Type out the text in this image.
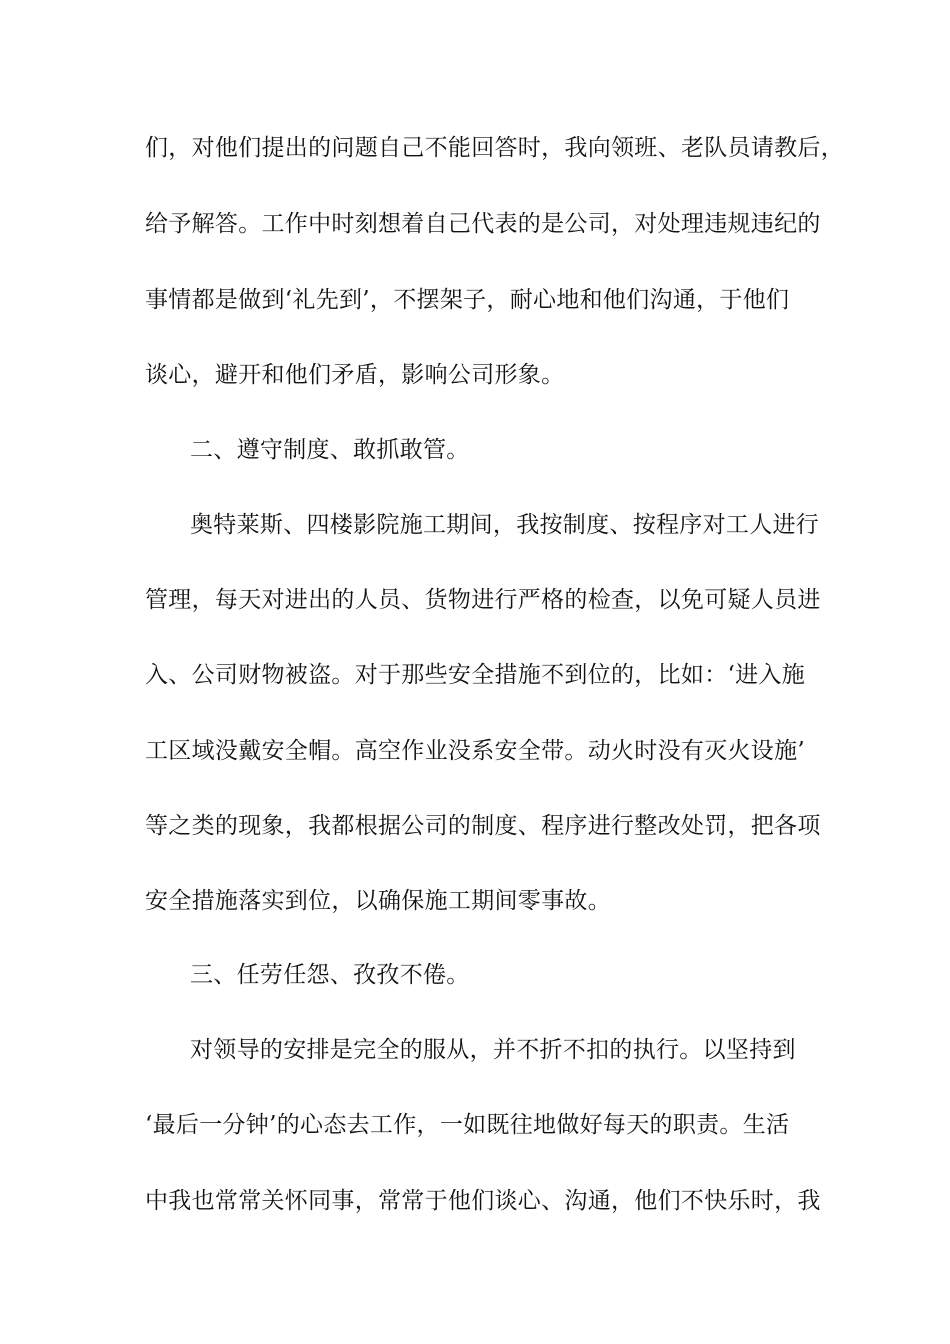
们，对他们提出的问题自己不能回答时，我向领班、老队员请教后，
给予解答。工作中时刻想着自己代表的是公司，对处理违规违纪的
事情都是做到‘礼先到’，不摆架子，耐心地和他们沟通，于他们
谈心，避开和他们矛盾，影响公司形象。
二、遵守制度、敢抓敢管。
奥特莱斯、四楼影院施工期间，我按制度、按程序对工人进行
管理，每天对进出的人员、货物进行严格的检查，以免可疑人员进
入、公司财物被盗。对于那些安全措施不到位的，比如：‘进入施
工区域没戴安全帽。高空作业没系安全带。动火时没有灭火设施’
等之类的现象，我都根据公司的制度、程序进行整改处罚，把各项
安全措施落实到位，以确保施工期间零事故。
三、任劳任怨、孜孜不倦。
对领导的安排是完全的服从，并不折不扣的执行。以坚持到
‘最后一分钟’的心态去工作，一如既往地做好每天的职责。生活
中我也常常关怀同事，常常于他们谈心、沟通，他们不快乐时，我
